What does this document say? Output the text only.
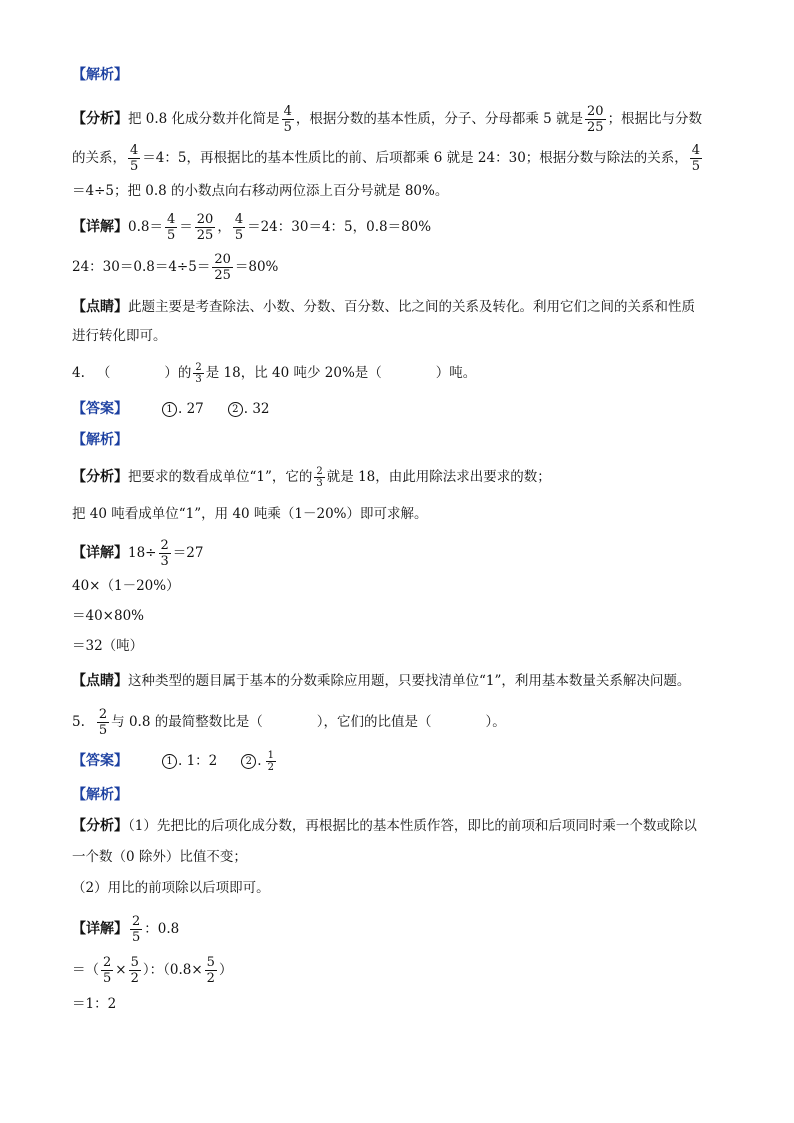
【解析】
【分析】把 0.8 化成分数并化简是 $\frac{4}{5}$ ，根据分数的基本性质，分子、分母都乘 5 就是 $\frac{20}{25}$ ；根据比与分数
的关系， $\frac{4}{5} =4$：5，再根据比的基本性质比的前、后项都乘 6 就是 24：30；根据分数与除法的关系， $\frac{4}{5}$
＝4÷5；把 0.8 的小数点向右移动两位添上百分号就是 80%。
【详解】$0.8= \frac{4}{5} = \frac{20}{25}$ ， $\frac{4}{5} =24$：30＝4：5，0.8＝80%
24：$30=0.8=4\div 5= \frac{20}{25} =80\%$
【点睛】此题主要是考查除法、小数、分数、百分数、比之间的关系及转化。利用它们之间的关系和性质
进行转化即可。
4. （　　　　）的 $\frac{2}{3}$ 是 18，比 40 吨少 20%是（　　　　）吨。
【答案】	1 . 27	2 . 32
【解析】
【分析】把要求的数看成单位“1”，它的 $\frac{2}{3}$ 就是 18，由此用除法求出要求的数；
把 40 吨看成单位“1”，用 40 吨乘（1－20%）即可求解。
【详解】$18\div \frac{2}{3} =27$
40×（1－20%）
＝40×80%
＝32（吨）
【点睛】这种类型的题目属于基本的分数乘除应用题，只要找清单位“1”，利用基本数量关系解决问题。
5. $\frac{2}{5}$ 与 0.8 的最简整数比是（　　　　），它们的比值是（　　　　）。
【答案】	1 . 1：2	2 . $\frac{1}{2}$
【解析】
【分析】（1）先把比的后项化成分数，再根据比的基本性质作答，即比的前项和后项同时乘一个数或除以
一个数（0 除外）比值不变；
（2）用比的前项除以后项即可。
【详解】 $\frac{2}{5}$ ：0.8
＝（ $\frac{2}{5} \times \frac{5}{2}$ ）：（$0.8\times \frac{5}{2}$ ）
＝1：2
